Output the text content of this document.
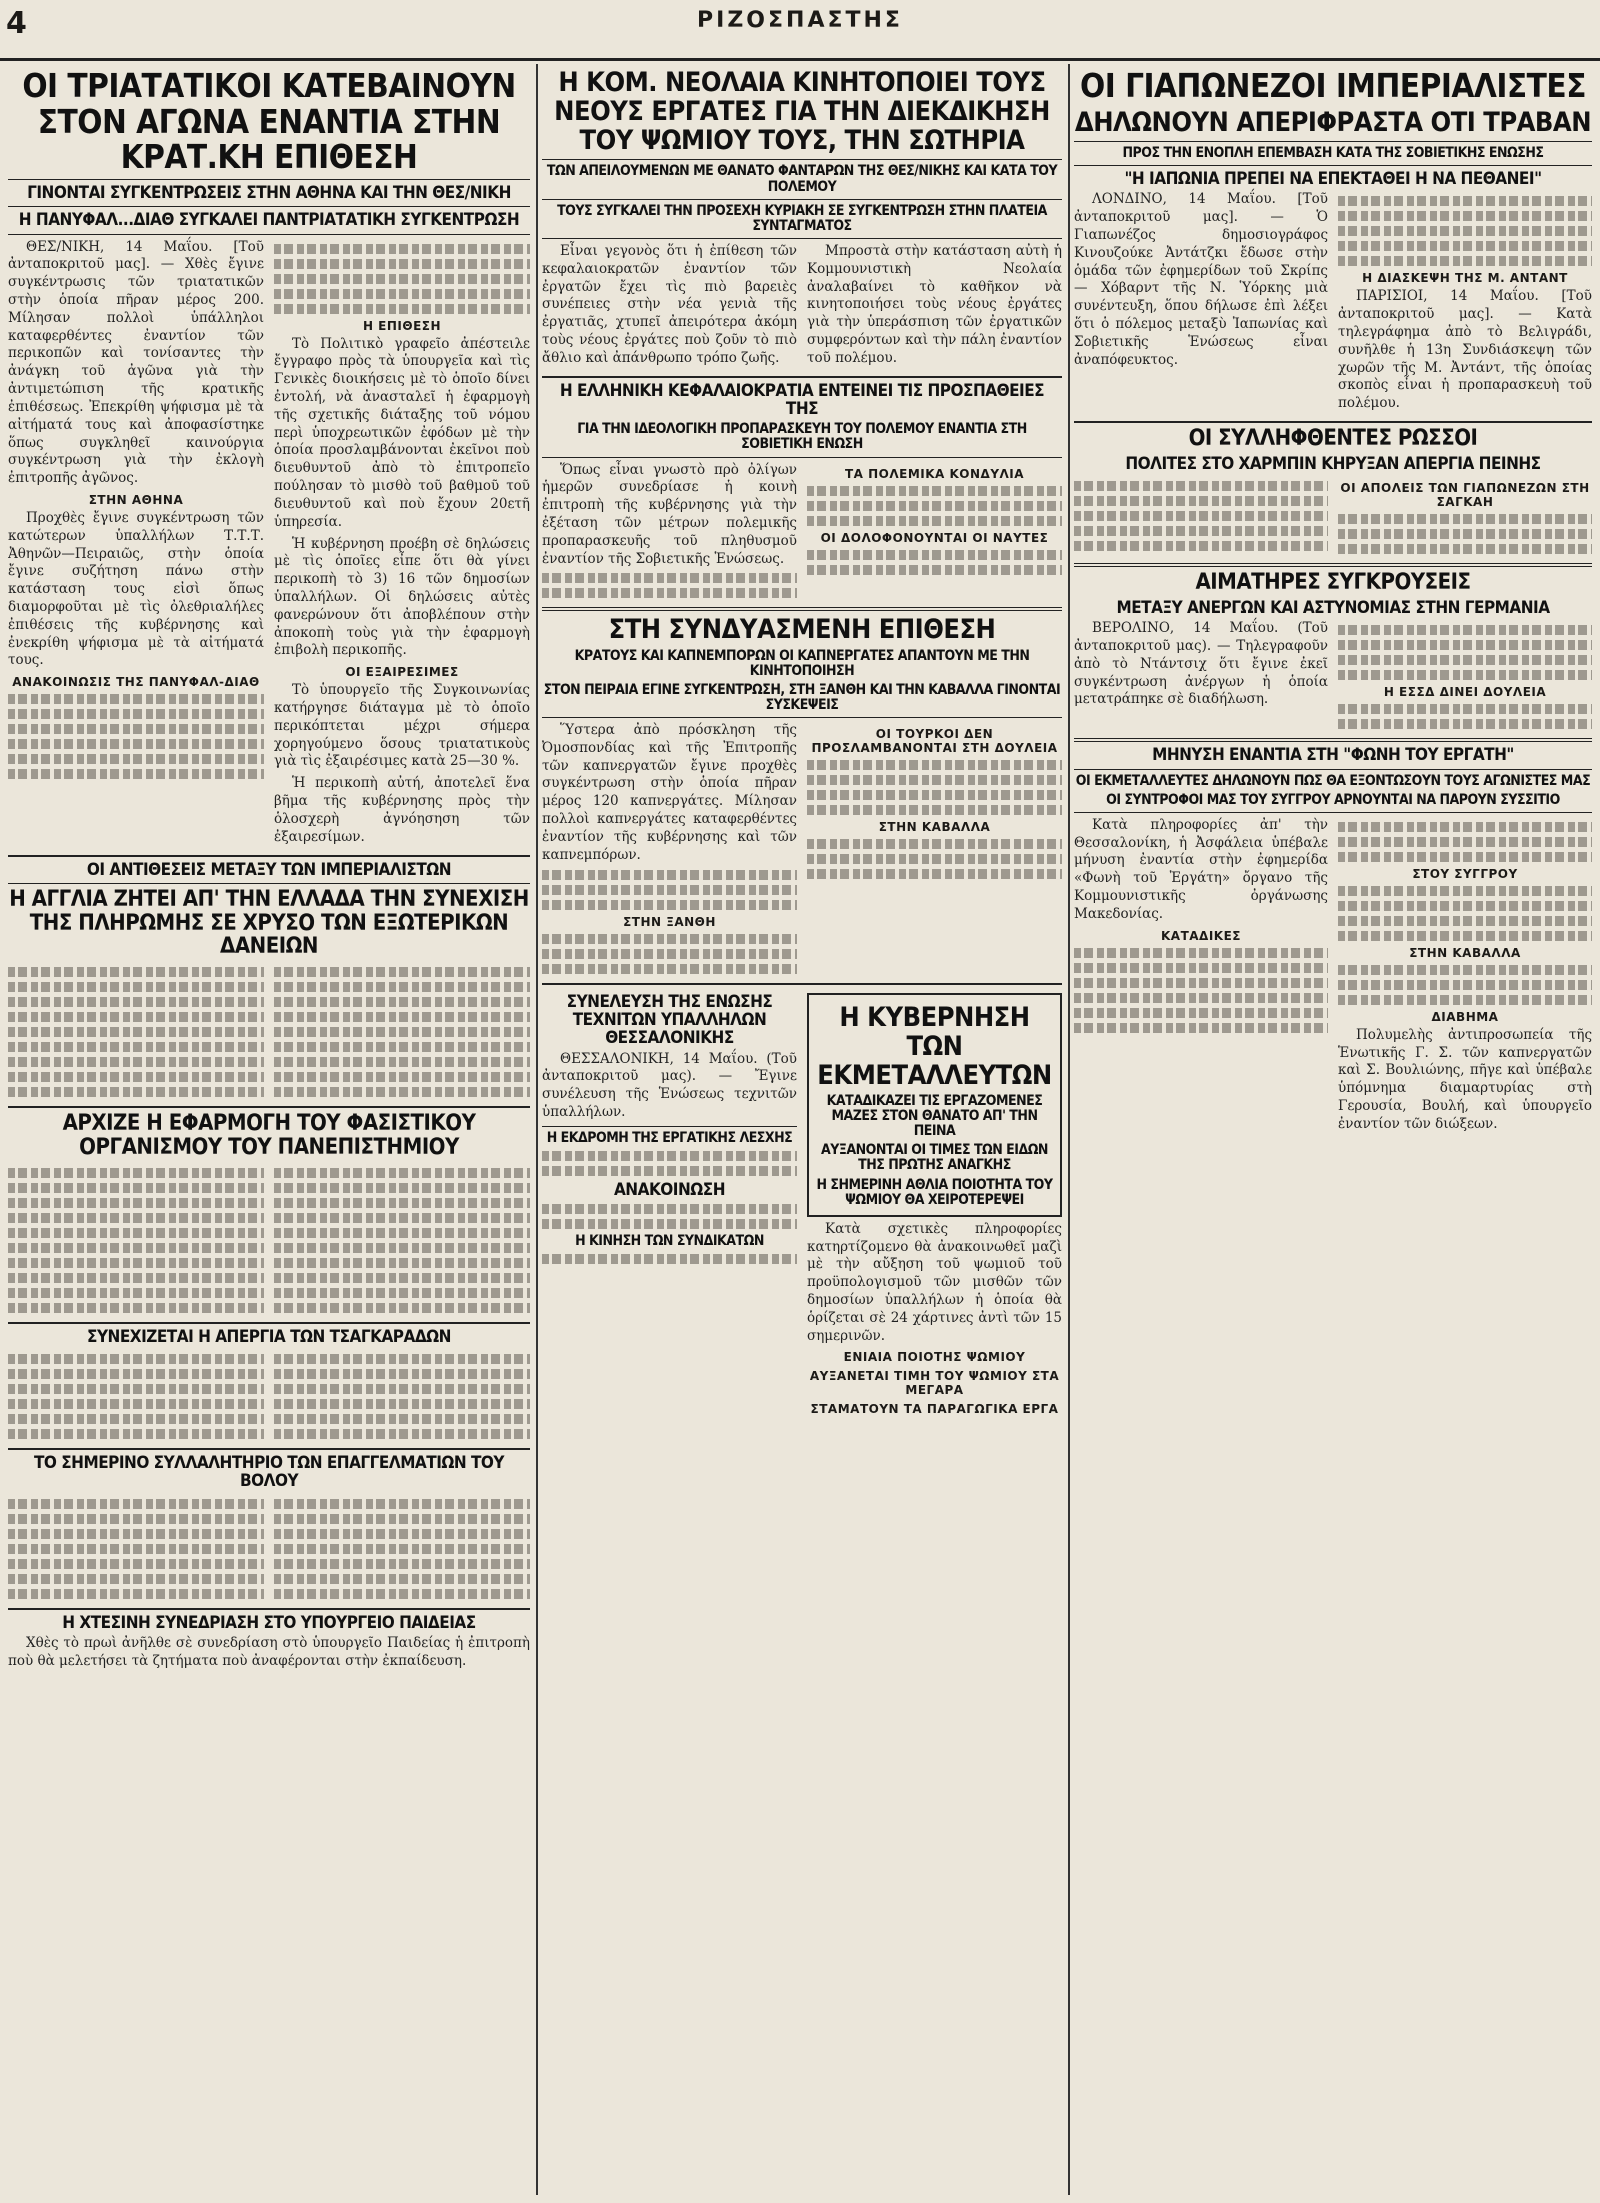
4	ΡΙΖΟΣΠΑΣΤΗΣ
ΟΙ ΤΡΙΑΤΑΤΙΚΟΙ ΚΑΤΕΒΑΙΝΟΥΝ ΣΤΟΝ ΑΓΩΝΑ ΕΝΑΝΤΙΑ ΣΤΗΝ ΚΡΑΤ.ΚΗ ΕΠΙΘΕΣΗ
ΓΙΝΟΝΤΑΙ ΣΥΓΚΕΝΤΡΩΣΕΙΣ ΣΤΗΝ ΑΘΗΝΑ ΚΑΙ ΤΗΝ ΘΕΣ/ΝΙΚΗ
Η ΠΑΝΥΦΑΛ...ΔΙΑΘ ΣΥΓΚΑΛΕΙ ΠΑΝΤΡΙΑΤΑΤΙΚΗ ΣΥΓΚΕΝΤΡΩΣΗ

ΘΕΣ/ΝΙΚΗ, 14 Μαΐου. [Τοῦ ἀνταποκριτοῦ μας]. — Χθὲς ἔγινε συγκέντρωσις τῶν τριατατικῶν στὴν ὁποία πῆραν μέρος 200. Μίλησαν πολλοὶ ὑπάλληλοι καταφερθέντες ἐναντίον τῶν περικοπῶν καὶ τονίσαντες τὴν ἀνάγκη τοῦ ἀγῶνα γιὰ τὴν ἀντιμετώπιση τῆς κρατικῆς ἐπιθέσεως. Ἐπεκρίθη ψήφισμα μὲ τὰ αἰτήματά τους καὶ ἀποφασίστηκε ὅπως συγκληθεῖ καινούργια συγκέντρωση γιὰ τὴν ἐκλογὴ ἐπιτροπῆς ἀγῶνος.

ΣΤΗΝ ΑΘΗΝΑ

Προχθὲς ἔγινε συγκέντρωση τῶν κατώτερων ὑπαλλήλων Τ.Τ.Τ. Ἀθηνῶν—Πειραιῶς, στὴν ὁποία ἔγινε συζήτηση πάνω στὴν κατάσταση τους εἰσὶ ὅπως διαμορφοῦται μὲ τὶς ὀλεθριαλήλες ἐπιθέσεις τῆς κυβέρνησης καὶ ἐνεκρίθη ψήφισμα μὲ τὰ αἰτήματά τους.

ΑΝΑΚΟΙΝΩΣΙΣ ΤΗΣ ΠΑΝΥΦΑΛ-ΔΙΑΘ
Η ΕΠΙΘΕΣΗ

Τὸ Πολιτικὸ γραφεῖο ἀπέστειλε ἔγγραφο πρὸς τὰ ὑπουργεῖα καὶ τὶς Γενικὲς διοικήσεις μὲ τὸ ὁποῖο δίνει ἐντολή, νὰ ἀνασταλεῖ ἡ ἐφαρμογὴ τῆς σχετικῆς διάταξης τοῦ νόμου περὶ ὑποχρεωτικῶν ἐφόδων μὲ τὴν ὁποία προσλαμβάνονται ἐκεῖνοι ποὺ διευθυντοῦ ἀπὸ τὸ ἐπιτροπεῖο πούλησαν τὸ μισθὸ τοῦ βαθμοῦ τοῦ διευθυντοῦ καὶ ποὺ ἔχουν 20ετῆ ὑπηρεσία.

Ἡ κυβέρνηση προέβη σὲ δηλώσεις μὲ τὶς ὁποῖες εἶπε ὅτι θὰ γίνει περικοπὴ τὸ 3) 16 τῶν δημοσίων ὑπαλλήλων. Οἱ δηλώσεις αὐτὲς φανερώνουν ὅτι ἀποβλέπουν στὴν ἀποκοπὴ τοὺς γιὰ τὴν ἐφαρμογὴ ἐπιβολὴ περικοπῆς.

ΟΙ ΕΞΑΙΡΕΣΙΜΕΣ

Τὸ ὑπουργεῖο τῆς Συγκοινωνίας κατήργησε διάταγμα μὲ τὸ ὁποῖο περικόπτεται μέχρι σήμερα χορηγούμενο ὅσους τριατατικοὺς γιὰ τὶς ἐξαιρέσιμες κατὰ 25—30 %.

Ἡ περικοπὴ αὐτή, ἀποτελεῖ ἕνα βῆμα τῆς κυβέρνησης πρὸς τὴν ὁλοσχερὴ ἀγνόησηση τῶν ἐξαιρεσίμων.

ΟΙ ΑΝΤΙΘΕΣΕΙΣ ΜΕΤΑΞΥ ΤΩΝ ΙΜΠΕΡΙΑΛΙΣΤΩΝ
Η ΑΓΓΛΙΑ ΖΗΤΕΙ ΑΠ' ΤΗΝ ΕΛΛΑΔΑ ΤΗΝ ΣΥΝΕΧΙΣΗ ΤΗΣ ΠΛΗΡΩΜΗΣ ΣΕ ΧΡΥΣΟ ΤΩΝ ΕΞΩΤΕΡΙΚΩΝ ΔΑΝΕΙΩΝ
ΑΡΧΙΖΕ Η ΕΦΑΡΜΟΓΗ ΤΟΥ ΦΑΣΙΣΤΙΚΟΥ ΟΡΓΑΝΙΣΜΟΥ ΤΟΥ ΠΑΝΕΠΙΣΤΗΜΙΟΥ
ΣΥΝΕΧΙΖΕΤΑΙ Η ΑΠΕΡΓΙΑ ΤΩΝ ΤΣΑΓΚΑΡΑΔΩΝ
ΤΟ ΣΗΜΕΡΙΝΟ ΣΥΛΛΑΛΗΤΗΡΙΟ ΤΩΝ ΕΠΑΓΓΕΛΜΑΤΙΩΝ ΤΟΥ ΒΟΛΟΥ
Η ΧΤΕΣΙΝΗ ΣΥΝΕΔΡΙΑΣΗ ΣΤΟ ΥΠΟΥΡΓΕΙΟ ΠΑΙΔΕΙΑΣ

Χθὲς τὸ πρωὶ ἀνῆλθε σὲ συνεδρίαση στὸ ὑπουργεῖο Παιδείας ἡ ἐπιτροπὴ ποὺ θὰ μελετήσει τὰ ζητήματα ποὺ ἀναφέρονται στὴν ἐκπαίδευση.

Η ΚΟΜ. ΝΕΟΛΑΙΑ ΚΙΝΗΤΟΠΟΙΕΙ ΤΟΥΣ ΝΕΟΥΣ ΕΡΓΑΤΕΣ ΓΙΑ ΤΗΝ ΔΙΕΚΔΙΚΗΣΗ ΤΟΥ ΨΩΜΙΟΥ ΤΟΥΣ, ΤΗΝ ΣΩΤΗΡΙΑ
ΤΩΝ ΑΠΕΙΛΟΥΜΕΝΩΝ ΜΕ ΘΑΝΑΤΟ ΦΑΝΤΑΡΩΝ ΤΗΣ ΘΕΣ/ΝΙΚΗΣ ΚΑΙ ΚΑΤΑ ΤΟΥ ΠΟΛΕΜΟΥ
ΤΟΥΣ ΣΥΓΚΑΛΕΙ ΤΗΝ ΠΡΟΣΕΧΗ ΚΥΡΙΑΚΗ ΣΕ ΣΥΓΚΕΝΤΡΩΣΗ ΣΤΗΝ ΠΛΑΤΕΙΑ ΣΥΝΤΑΓΜΑΤΟΣ

Εἶναι γεγονὸς ὅτι ἡ ἐπίθεση τῶν κεφαλαιοκρατῶν ἐναντίον τῶν ἐργατῶν ἔχει τὶς πιὸ βαρειὲς συνέπειες στὴν νέα γενιὰ τῆς ἐργατιᾶς, χτυπεῖ ἀπειρότερα ἀκόμη τοὺς νέους ἐργάτες ποὺ ζοῦν τὸ πιὸ ἄθλιο καὶ ἀπάνθρωπο τρόπο ζωῆς.

Μπροστὰ στὴν κατάσταση αὐτὴ ἡ Κομμουνιστικὴ Νεολαία ἀναλαβαίνει τὸ καθῆκον νὰ κινητοποιήσει τοὺς νέους ἐργάτες γιὰ τὴν ὑπεράσπιση τῶν ἐργατικῶν συμφερόντων καὶ τὴν πάλη ἐναντίον τοῦ πολέμου.

Η ΕΛΛΗΝΙΚΗ ΚΕΦΑΛΑΙΟΚΡΑΤΙΑ ΕΝΤΕΙΝΕΙ ΤΙΣ ΠΡΟΣΠΑΘΕΙΕΣ ΤΗΣ
ΓΙΑ ΤΗΝ ΙΔΕΟΛΟΓΙΚΗ ΠΡΟΠΑΡΑΣΚΕΥΗ ΤΟΥ ΠΟΛΕΜΟΥ ΕΝΑΝΤΙΑ ΣΤΗ ΣΟΒΙΕΤΙΚΗ ΕΝΩΣΗ

Ὅπως εἶναι γνωστὸ πρὸ ὀλίγων ἡμερῶν συνεδρίασε ἡ κοινὴ ἐπιτροπὴ τῆς κυβέρνησης γιὰ τὴν ἐξέταση τῶν μέτρων πολεμικῆς προπαρασκευῆς τοῦ πληθυσμοῦ ἐναντίον τῆς Σοβιετικῆς Ἑνώσεως.

ΤΑ ΠΟΛΕΜΙΚΑ ΚΟΝΔΥΛΙΑ
ΟΙ ΔΟΛΟΦΟΝΟΥΝΤΑΙ ΟΙ ΝΑΥΤΕΣ
ΣΤΗ ΣΥΝΔΥΑΣΜΕΝΗ ΕΠΙΘΕΣΗ
ΚΡΑΤΟΥΣ ΚΑΙ ΚΑΠΝΕΜΠΟΡΩΝ ΟΙ ΚΑΠΝΕΡΓΑΤΕΣ ΑΠΑΝΤΟΥΝ ΜΕ ΤΗΝ ΚΙΝΗΤΟΠΟΙΗΣΗ
ΣΤΟΝ ΠΕΙΡΑΙΑ ΕΓΙΝΕ ΣΥΓΚΕΝΤΡΩΣΗ, ΣΤΗ ΞΑΝΘΗ ΚΑΙ ΤΗΝ ΚΑΒΑΛΛΑ ΓΙΝΟΝΤΑΙ ΣΥΣΚΕΨΕΙΣ

Ὕστερα ἀπὸ πρόσκληση τῆς Ὀμοσπονδίας καὶ τῆς Ἐπιτροπῆς τῶν καπνεργατῶν ἔγινε προχθὲς συγκέντρωση στὴν ὁποία πῆραν μέρος 120 καπνεργάτες. Μίλησαν πολλοὶ καπνεργάτες καταφερθέντες ἐναντίον τῆς κυβέρνησης καὶ τῶν καπνεμπόρων.

ΣΤΗΝ ΞΑΝΘΗ
ΟΙ ΤΟΥΡΚΟΙ ΔΕΝ ΠΡΟΣΛΑΜΒΑΝΟΝΤΑΙ ΣΤΗ ΔΟΥΛΕΙΑ
ΣΤΗΝ ΚΑΒΑΛΛΑ
ΣΥΝΕΛΕΥΣΗ ΤΗΣ ΕΝΩΣΗΣ ΤΕΧΝΙΤΩΝ ΥΠΑΛΛΗΛΩΝ ΘΕΣΣΑΛΟΝΙΚΗΣ

ΘΕΣΣΑΛΟΝΙΚΗ, 14 Μαΐου. (Τοῦ ἀνταποκριτοῦ μας). — Ἔγινε συνέλευση τῆς Ἑνώσεως τεχνιτῶν ὑπαλλήλων.

Η ΕΚΔΡΟΜΗ ΤΗΣ ΕΡΓΑΤΙΚΗΣ ΛΕΣΧΗΣ
ΑΝΑΚΟΙΝΩΣΗ
Η ΚΙΝΗΣΗ ΤΩΝ ΣΥΝΔΙΚΑΤΩΝ
Η ΚΥΒΕΡΝΗΣΗ ΤΩΝ ΕΚΜΕΤΑΛΛΕΥΤΩΝ
ΚΑΤΑΔΙΚΑΖΕΙ ΤΙΣ ΕΡΓΑΖΟΜΕΝΕΣ ΜΑΖΕΣ ΣΤΟΝ ΘΑΝΑΤΟ ΑΠ' ΤΗΝ ΠΕΙΝΑ
ΑΥΞΑΝΟΝΤΑΙ ΟΙ ΤΙΜΕΣ ΤΩΝ ΕΙΔΩΝ ΤΗΣ ΠΡΩΤΗΣ ΑΝΑΓΚΗΣ
Η ΣΗΜΕΡΙΝΗ ΑΘΛΙΑ ΠΟΙΟΤΗΤΑ ΤΟΥ ΨΩΜΙΟΥ ΘΑ ΧΕΙΡΟΤΕΡΕΨΕΙ

Κατὰ σχετικὲς πληροφορίες κατηρτίζομενο θὰ ἀνακοινωθεῖ μαζὶ μὲ τὴν αὔξηση τοῦ ψωμιοῦ τοῦ προϋπολογισμοῦ τῶν μισθῶν τῶν δημοσίων ὑπαλλήλων ἡ ὁποία θὰ ὁρίζεται σὲ 24 χάρτινες ἀντὶ τῶν 15 σημερινῶν.

ΕΝΙΑΙΑ ΠΟΙΟΤΗΣ ΨΩΜΙΟΥ
ΑΥΞΑΝΕΤΑΙ ΤΙΜΗ ΤΟΥ ΨΩΜΙΟΥ ΣΤΑ ΜΕΓΑΡΑ
ΣΤΑΜΑΤΟΥΝ ΤΑ ΠΑΡΑΓΩΓΙΚΑ ΕΡΓΑ
ΟΙ ΓΙΑΠΩΝΕΖΟΙ ΙΜΠΕΡΙΑΛΙΣΤΕΣ
ΔΗΛΩΝΟΥΝ ΑΠΕΡΙΦΡΑΣΤΑ ΟΤΙ ΤΡΑΒΑΝ
ΠΡΟΣ ΤΗΝ ΕΝΟΠΛΗ ΕΠΕΜΒΑΣΗ ΚΑΤΑ ΤΗΣ ΣΟΒΙΕΤΙΚΗΣ ΕΝΩΣΗΣ
"Η ΙΑΠΩΝΙΑ ΠΡΕΠΕΙ ΝΑ ΕΠΕΚΤΑΘΕΙ Η ΝΑ ΠΕΘΑΝΕΙ"

ΛΟΝΔΙΝΟ, 14 Μαΐου. [Τοῦ ἀνταποκριτοῦ μας]. — Ὁ Γιαπωνέζος δημοσιογράφος Κινουζούκε Ἀντάτζκι ἔδωσε στὴν ὁμάδα τῶν ἐφημερίδων τοῦ Σκρίπς — Χόβαρντ τῆς Ν. Ὑόρκης μιὰ συνέντευξη, ὅπου δήλωσε ἐπὶ λέξει ὅτι ὁ πόλεμος μεταξὺ Ἰαπωνίας καὶ Σοβιετικῆς Ἑνώσεως εἶναι ἀναπόφευκτος.

Η ΔΙΑΣΚΕΨΗ ΤΗΣ Μ. ΑΝΤΑΝΤ

ΠΑΡΙΣΙΟΙ, 14 Μαΐου. [Τοῦ ἀνταποκριτοῦ μας]. — Κατὰ τηλεγράφημα ἀπὸ τὸ Βελιγράδι, συνῆλθε ἡ 13η Συνδιάσκεψη τῶν χωρῶν τῆς Μ. Ἀντάντ, τῆς ὁποίας σκοπὸς εἶναι ἡ προπαρασκευὴ τοῦ πολέμου.

ΟΙ ΣΥΛΛΗΦΘΕΝΤΕΣ ΡΩΣΣΟΙ
ΠΟΛΙΤΕΣ ΣΤΟ ΧΑΡΜΠΙΝ ΚΗΡΥΞΑΝ ΑΠΕΡΓΙΑ ΠΕΙΝΗΣ
ΟΙ ΑΠΟΛΕΙΣ ΤΩΝ ΓΙΑΠΩΝΕΖΩΝ ΣΤΗ ΣΑΓΚΑΗ
ΑΙΜΑΤΗΡΕΣ ΣΥΓΚΡΟΥΣΕΙΣ
ΜΕΤΑΞΥ ΑΝΕΡΓΩΝ ΚΑΙ ΑΣΤΥΝΟΜΙΑΣ ΣΤΗΝ ΓΕΡΜΑΝΙΑ

ΒΕΡΟΛΙΝΟ, 14 Μαΐου. (Τοῦ ἀνταποκριτοῦ μας). — Τηλεγραφοῦν ἀπὸ τὸ Ντάντσιχ ὅτι ἔγινε ἐκεῖ συγκέντρωση ἀνέργων ἡ ὁποία μετατράπηκε σὲ διαδήλωση.	Η ΕΣΣΔ ΔΙΝΕΙ ΔΟΥΛΕΙΑ
ΜΗΝΥΣΗ ΕΝΑΝΤΙΑ ΣΤΗ "ΦΩΝΗ ΤΟΥ ΕΡΓΑΤΗ"
ΟΙ ΕΚΜΕΤΑΛΛΕΥΤΕΣ ΔΗΛΩΝΟΥΝ ΠΩΣ ΘΑ ΕΞΟΝΤΩΣΟΥΝ ΤΟΥΣ ΑΓΩΝΙΣΤΕΣ ΜΑΣ
ΟΙ ΣΥΝΤΡΟΦΟΙ ΜΑΣ ΤΟΥ ΣΥΓΓΡΟΥ ΑΡΝΟΥΝΤΑΙ ΝΑ ΠΑΡΟΥΝ ΣΥΣΣΙΤΙΟ

Κατὰ πληροφορίες ἀπ' τὴν Θεσσαλονίκη, ἡ Ἀσφάλεια ὑπέβαλε μήνυση ἐναντία στὴν ἐφημερίδα «Φωνὴ τοῦ Ἐργάτη» ὄργανο τῆς Κομμουνιστικῆς ὀργάνωσης Μακεδονίας.

ΚΑΤΑΔΙΚΕΣ
ΣΤΟΥ ΣΥΓΓΡΟΥ
ΣΤΗΝ ΚΑΒΑΛΛΑ
ΔΙΑΒΗΜΑ

Πολυμελὴς ἀντιπροσωπεία τῆς Ἑνωτικῆς Γ. Σ. τῶν καπνεργατῶν καὶ Σ. Βουλιώνης, πῆγε καὶ ὑπέβαλε ὑπόμνημα διαμαρτυρίας στὴ Γερουσία, Βουλή, καὶ ὑπουργεῖο ἐναντίον τῶν διώξεων.
